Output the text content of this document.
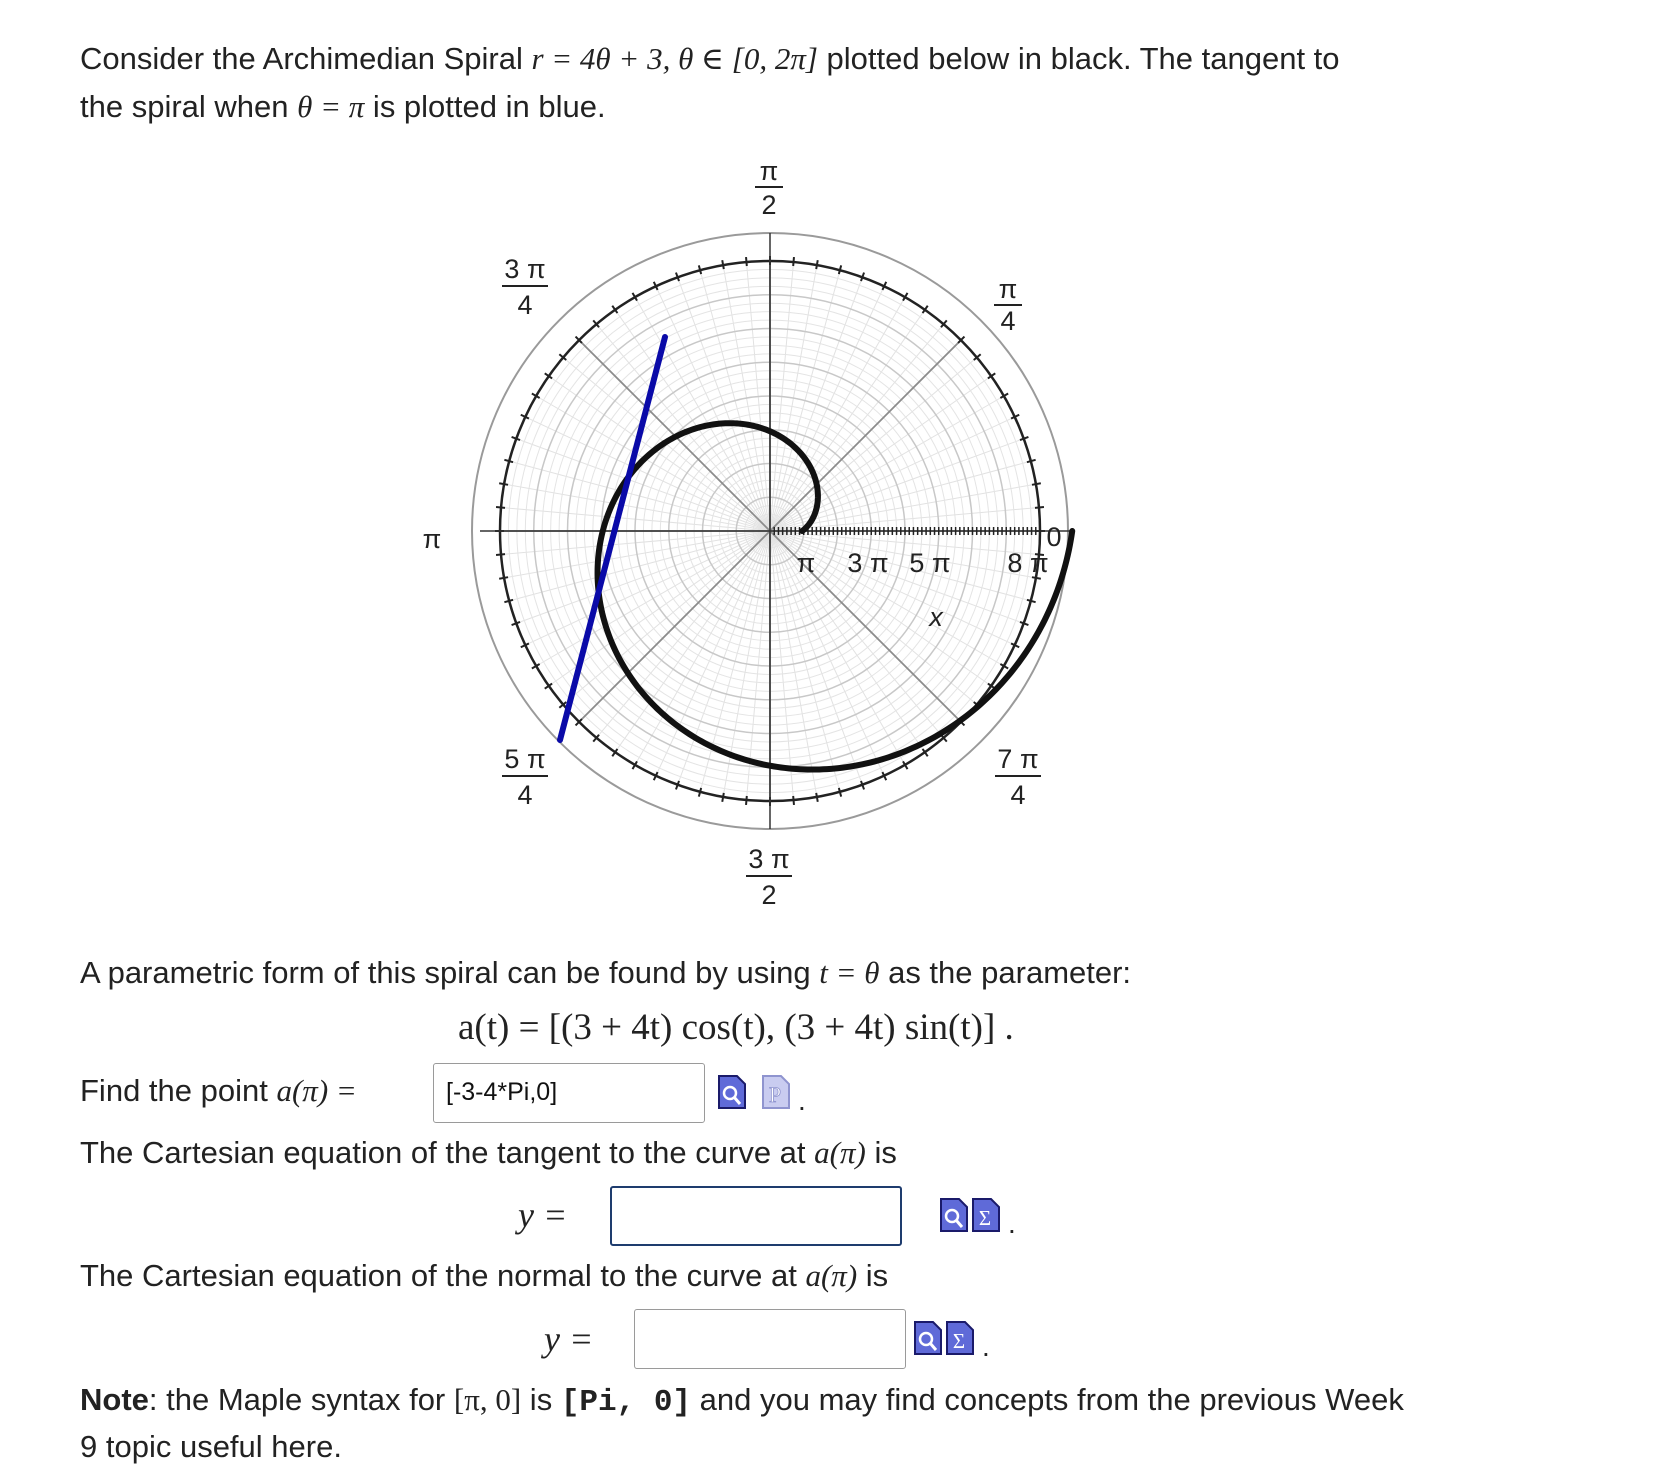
Consider the Archimedian Spiral r = 4θ + 3, θ ∈ [0, 2π] plotted below in black. The tangent to
the spiral when θ = π is plotted in blue.
0
π
4
π
2
3 π
4
π
5 π
4
3 π
2
7 π
4
π 3 π 5 π 8 π
x
A parametric form of this spiral can be found by using t = θ as the parameter:
a(t) = [(3 + 4t) cos(t), (3 + 4t) sin(t)] .
Find the point a(π) =	[-3-4*Pi,0]	P .
The Cartesian equation of the tangent to the curve at a(π) is
y =	Σ .
The Cartesian equation of the normal to the curve at a(π) is
y =	Σ .
Note: the Maple syntax for [π, 0] is [Pi, 0] and you may find concepts from the previous Week
9 topic useful here.
